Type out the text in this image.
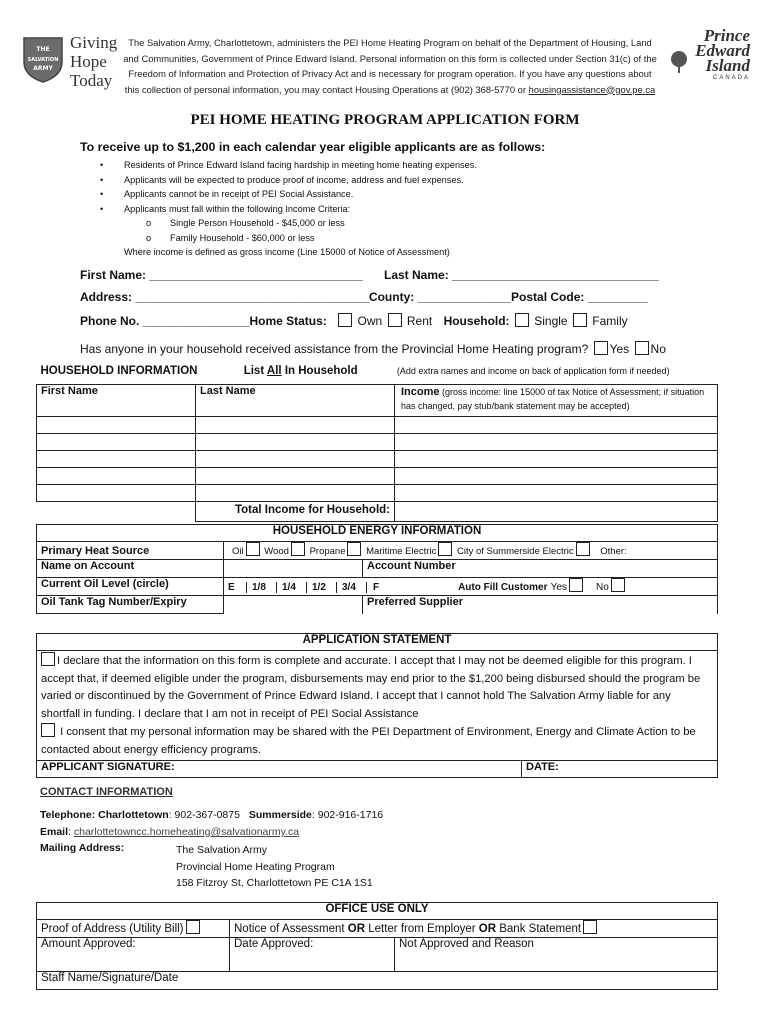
THE
SALVATION
ARMY
Giving
Hope
Today
The Salvation Army, Charlottetown, administers the PEI Home Heating Program on behalf of the Department of Housing, Land and Communities, Government of Prince Edward Island. Personal information on this form is collected under Section 31(c) of the Freedom of Information and Protection of Privacy Act and is necessary for program operation. If you have any questions about this collection of personal information, you may contact Housing Operations at (902) 368-5770 or housingassistance@gov.pe.ca
Prince
Edward
Island
CANADA
PEI HOME HEATING PROGRAM APPLICATION FORM
To receive up to $1,200 in each calendar year eligible applicants are as follows:
• Residents of Prince Edward Island facing hardship in meeting home heating expenses.
• Applicants will be expected to produce proof of income, address and fuel expenses.
• Applicants cannot be in receipt of PEI Social Assistance.
• Applicants must fall within the following Income Criteria:
o Single Person Household - $45,000 or less
o Family Household - $60,000 or less
Where income is defined as gross income (Line 15000 of Notice of Assessment)
First Name: ________________________________ Last Name: _______________________________
Address: ___________________________________County: ______________Postal Code: _________
Phone No. ________________Home Status:	Own Rent Household: Single Family
Has anyone in your household received assistance from the Provincial Home Heating program? Yes No
HOUSEHOLD INFORMATION List All In Household (Add extra names and income on back of application form if needed)		
First Name	Last Name	Income (gross income: line 15000 of tax Notice of Assessment; if situation has changed, pay stub/bank statement may be accepted)

	Total Income for Household:	
HOUSEHOLD ENERGY INFORMATION		
Primary Heat Source	Oil Wood Propane Maritime Electric City of Summerside Electric Other:	
Name on Account		Account Number
Current Oil Level (circle)	E 1/8 1/4 1/2 3/4 F Auto Fill Customer Yes No	
Oil Tank Tag Number/Expiry		Preferred Supplier
APPLICATION STATEMENT

I declare that the information on this form is complete and accurate. I accept that I may not be deemed eligible for this program. I accept that, if deemed eligible under the program, disbursements may end prior to the $1,200 being disbursed should the program be varied or discontinued by the Government of Prince Edward Island. I accept that I cannot hold The Salvation Army liable for any shortfall in funding. I declare that I am not in receipt of PEI Social Assistance
I consent that my personal information may be shared with the PEI Department of Environment, Energy and Climate Action to be contacted about energy efficiency programs.

APPLICANT SIGNATURE:	DATE:
CONTACT INFORMATION
Telephone: Charlottetown: 902-367-0875 Summerside: 902-916-1716
Email: charlottetowncc.homeheating@salvationarmy.ca
Mailing Address:	The Salvation Army
Provincial Home Heating Program
158 Fitzroy St, Charlottetown PE C1A 1S1
OFFICE USE ONLY		
Proof of Address (Utility Bill)	Notice of Assessment OR Letter from Employer OR Bank Statement	
Amount Approved:	Date Approved:	Not Approved and Reason
Staff Name/Signature/Date		
